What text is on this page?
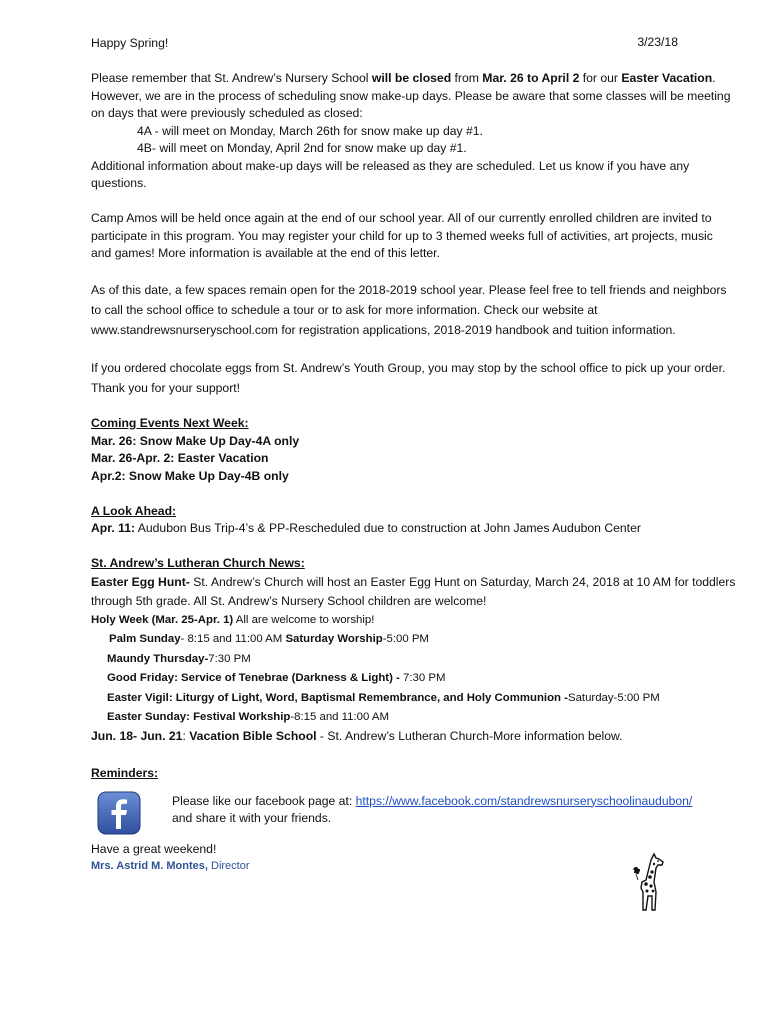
3/23/18

Happy Spring!

Please remember that St. Andrew’s Nursery School will be closed from Mar. 26 to April 2 for our Easter Vacation. However, we are in the process of scheduling snow make-up days. Please be aware that some classes will be meeting on days that were previously scheduled as closed:

4A - will meet on Monday, March 26th for snow make up day #1.

4B- will meet on Monday, April 2nd for snow make up day #1.

Additional information about make-up days will be released as they are scheduled. Let us know if you have any questions.

Camp Amos will be held once again at the end of our school year. All of our currently enrolled children are invited to participate in this program. You may register your child for up to 3 themed weeks full of activities, art projects, music and games! More information is available at the end of this letter.

As of this date, a few spaces remain open for the 2018-2019 school year. Please feel free to tell friends and neighbors to call the school office to schedule a tour or to ask for more information. Check our website at www.standrewsnurseryschool.com for registration applications, 2018-2019 handbook and tuition information.

If you ordered chocolate eggs from St. Andrew’s Youth Group, you may stop by the school office to pick up your order. Thank you for your support!

Coming Events Next Week:

Mar. 26: Snow Make Up Day-4A only

Mar. 26-Apr. 2: Easter Vacation

Apr.2: Snow Make Up Day-4B only

A Look Ahead:

Apr. 11: Audubon Bus Trip-4’s & PP-Rescheduled due to construction at John James Audubon Center

St. Andrew’s Lutheran Church News:

Easter Egg Hunt- St. Andrew’s Church will host an Easter Egg Hunt on Saturday, March 24, 2018 at 10 AM for toddlers through 5th grade. All St. Andrew’s Nursery School children are welcome!

Holy Week (Mar. 25-Apr. 1) All are welcome to worship!

Palm Sunday- 8:15 and 11:00 AM Saturday Worship-5:00 PM

Maundy Thursday-7:30 PM

Good Friday: Service of Tenebrae (Darkness & Light) - 7:30 PM

Easter Vigil: Liturgy of Light, Word, Baptismal Remembrance, and Holy Communion -Saturday-5:00 PM

Easter Sunday: Festival Workship-8:15 and 11:00 AM

Jun. 18- Jun. 21: Vacation Bible School - St. Andrew’s Lutheran Church-More information below.

Reminders:

Please like our facebook page at: https://www.facebook.com/standrewsnurseryschoolinaudubon/
and share it with your friends.

Have a great weekend!

Mrs. Astrid M. Montes, Director
